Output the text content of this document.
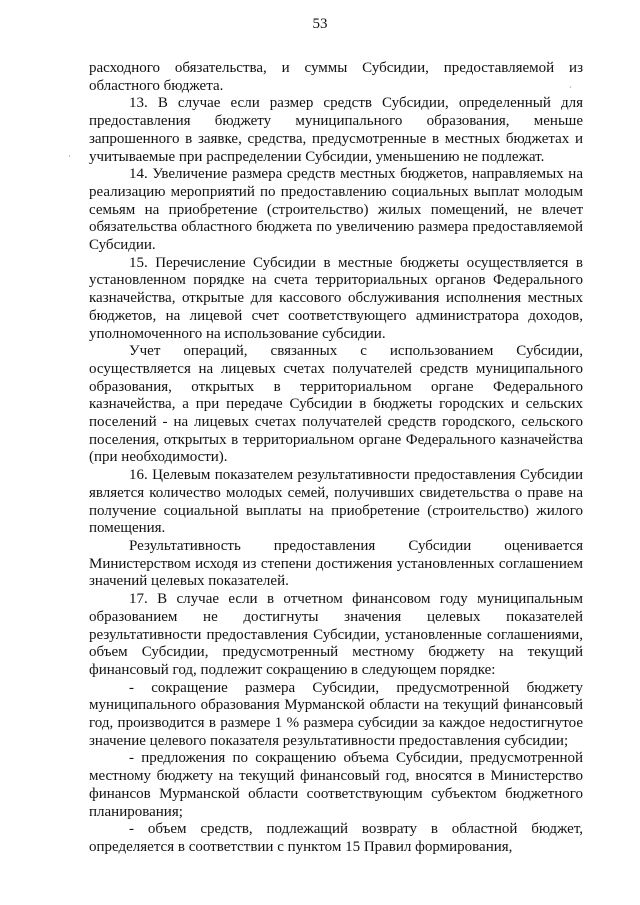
53
´
·

расходного обязательства, и суммы Субсидии, предоставляемой из областного бюджета.

13. В случае если размер средств Субсидии, определенный для предоставления бюджету муниципального образования, меньше запрошенного в заявке, средства, предусмотренные в местных бюджетах и учитываемые при распределении Субсидии, уменьшению не подлежат.

14. Увеличение размера средств местных бюджетов, направляемых на реализацию мероприятий по предоставлению социальных выплат молодым семьям на приобретение (строительство) жилых помещений, не влечет обязательства областного бюджета по увеличению размера предоставляемой Субсидии.

15. Перечисление Субсидии в местные бюджеты осуществляется в установленном порядке на счета территориальных органов Федерального казначейства, открытые для кассового обслуживания исполнения местных бюджетов, на лицевой счет соответствующего администратора доходов, уполномоченного на использование субсидии.

Учет операций, связанных с использованием Субсидии, осуществляется на лицевых счетах получателей средств муниципального образования, открытых в территориальном органе Федерального казначейства, а при передаче Субсидии в бюджеты городских и сельских поселений - на лицевых счетах получателей средств городского, сельского поселения, открытых в территориальном органе Федерального казначейства (при необходимости).

16. Целевым показателем результативности предоставления Субсидии является количество молодых семей, получивших свидетельства о праве на получение социальной выплаты на приобретение (строительство) жилого помещения.

Результативность предоставления Субсидии оценивается Министерством исходя из степени достижения установленных соглашением значений целевых показателей.

17. В случае если в отчетном финансовом году муниципальным образованием не достигнуты значения целевых показателей результативности предоставления Субсидии, установленные соглашениями, объем Субсидии, предусмотренный местному бюджету на текущий финансовый год, подлежит сокращению в следующем порядке:

- сокращение размера Субсидии, предусмотренной бюджету муниципального образования Мурманской области на текущий финансовый год, производится в размере 1 % размера субсидии за каждое недостигнутое значение целевого показателя результативности предоставления субсидии;

- предложения по сокращению объема Субсидии, предусмотренной местному бюджету на текущий финансовый год, вносятся в Министерство финансов Мурманской области соответствующим субъектом бюджетного планирования;

- объем средств, подлежащий возврату в областной бюджет, определяется в соответствии с пунктом 15 Правил формирования,
